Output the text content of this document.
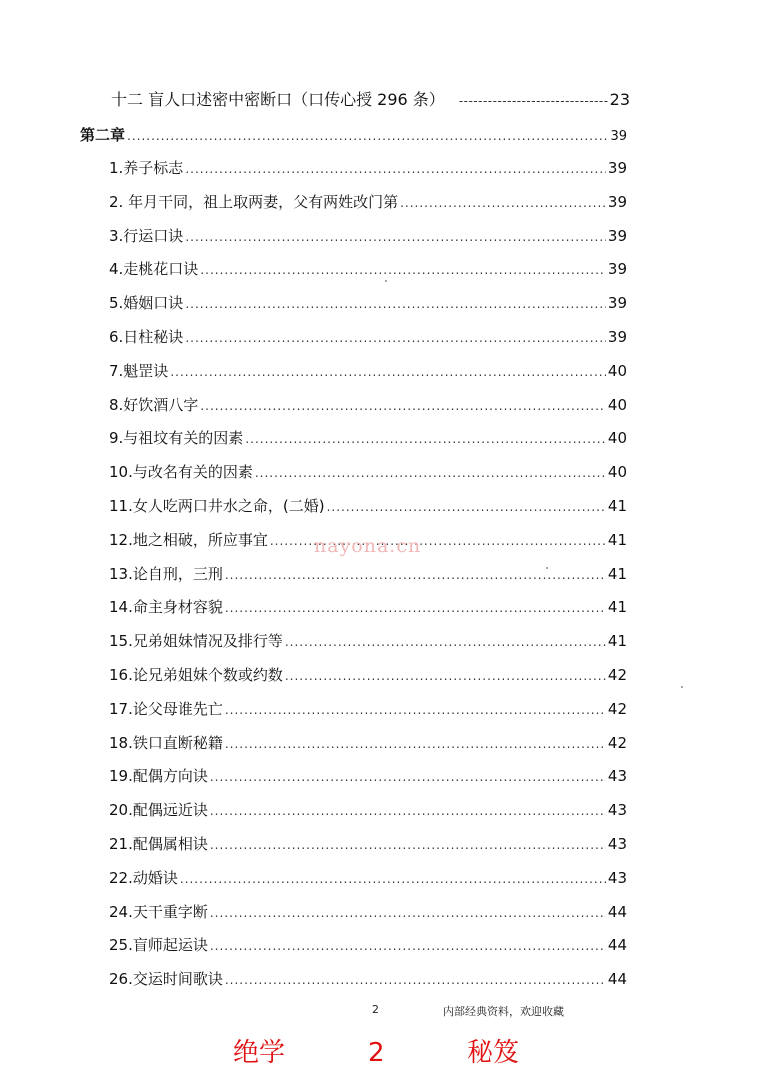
十二 盲人口述密中密断口（口传心授 296 条） -----	23
第二章 .....	39
1.养子标志 .....	39
2. 年月干同，祖上取两妻，父有两姓改门第 .....	39
3.行运口诀 .....	39
4.走桃花口诀 .....	39
5.婚姻口诀 .....	39
6.日柱秘诀 .....	39
7.魁罡诀 .....	40
8.好饮酒八字 .....	40
9.与祖坟有关的因素 .....	40
10.与改名有关的因素 .....	40
11.女人吃两口井水之命，(二婚) .....	41
12.地之相破，所应事宜 .....	41
13.论自刑，三刑 .....	41
14.命主身材容貌 .....	41
15.兄弟姐妹情况及排行等 .....	41
16.论兄弟姐妹个数或约数 .....	42
17.论父母谁先亡 .....	42
18.铁口直断秘籍 .....	42
19.配偶方向诀 .....	43
20.配偶远近诀 .....	43
21.配偶属相诀 .....	43
22.动婚诀 .....	43
24.天干重字断 .....	44
25.盲师起运诀 .....	44
26.交运时间歌诀 .....	44
nayona.cn
2	内部经典资料，欢迎收藏
绝学	2	秘笈
